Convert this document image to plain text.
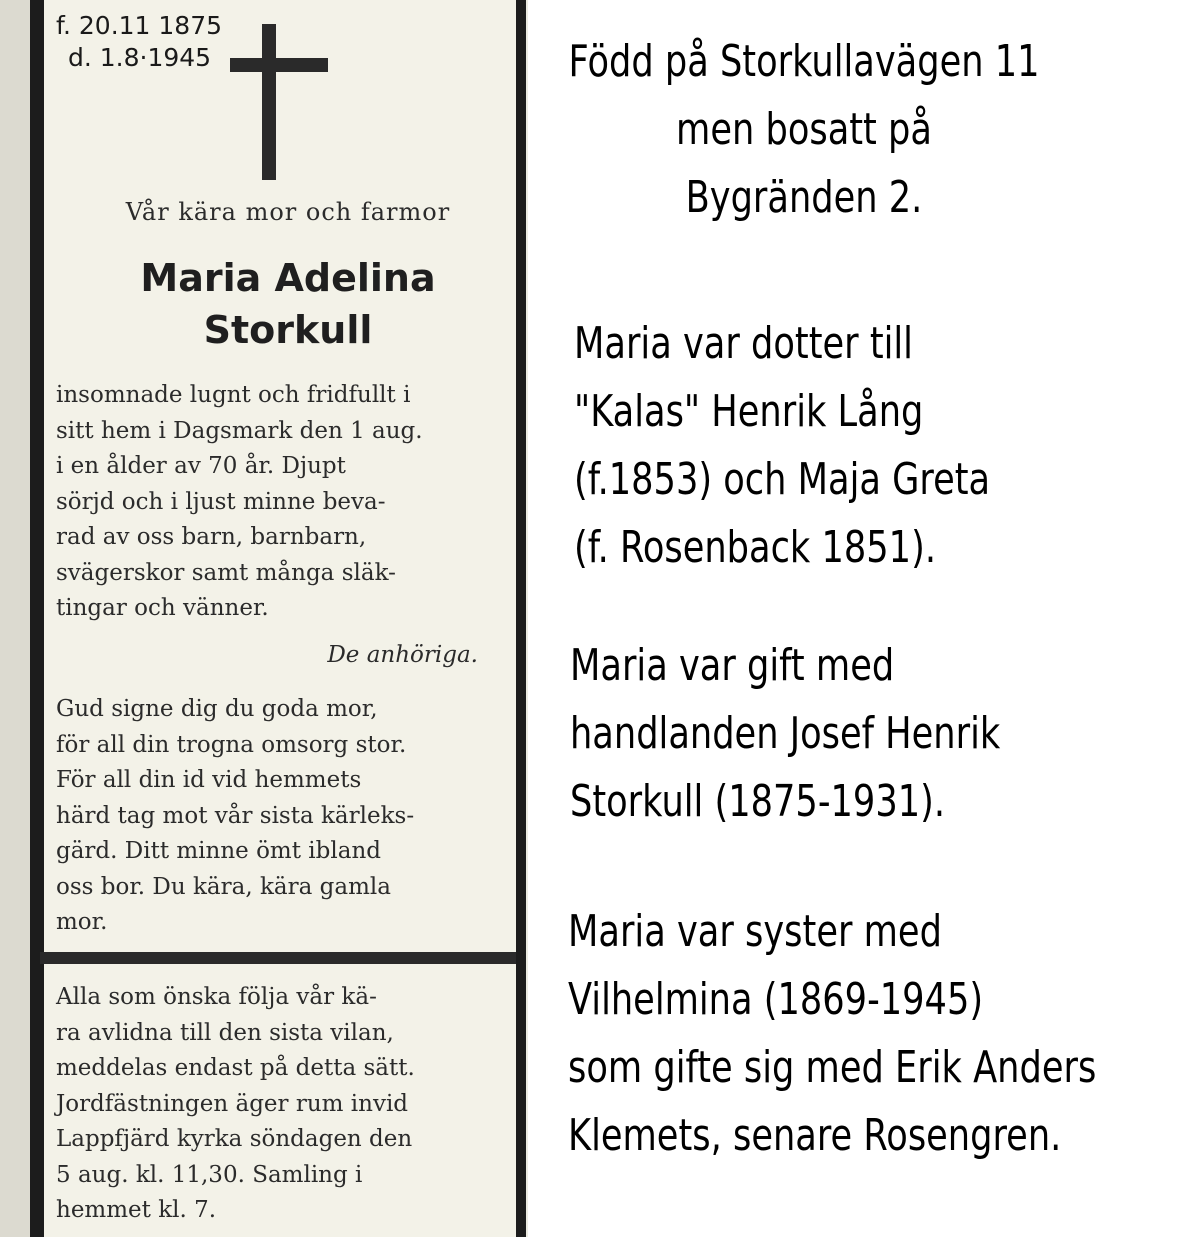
f. 20.11 1875
d. 1.8·1945
Vår kära mor och farmor
Maria Adelina
Storkull
insomnade lugnt och fridfullt i
sitt hem i Dagsmark den 1 aug.
i en ålder av 70 år. Djupt
sörjd och i ljust minne beva-
rad av oss barn, barnbarn,
svägerskor samt många släk-
tingar och vänner.
De anhöriga.
Gud signe dig du goda mor,
för all din trogna omsorg stor.
För all din id vid hemmets
härd tag mot vår sista kärleks-
gärd. Ditt minne ömt ibland
oss bor. Du kära, kära gamla
mor.
Alla som önska följa vår kä-
ra avlidna till den sista vilan,
meddelas endast på detta sätt.
Jordfästningen äger rum invid
Lappfjärd kyrka söndagen den
5 aug. kl. 11,30. Samling i
hemmet kl. 7.
Född på Storkullavägen 11
men bosatt på
Bygränden 2.
Maria var dotter till
"Kalas" Henrik Lång
(f.1853) och Maja Greta
(f. Rosenback 1851).
Maria var gift med
handlanden Josef Henrik
Storkull (1875-1931).
Maria var syster med
Vilhelmina (1869-1945)
som gifte sig med Erik Anders
Klemets, senare Rosengren.
